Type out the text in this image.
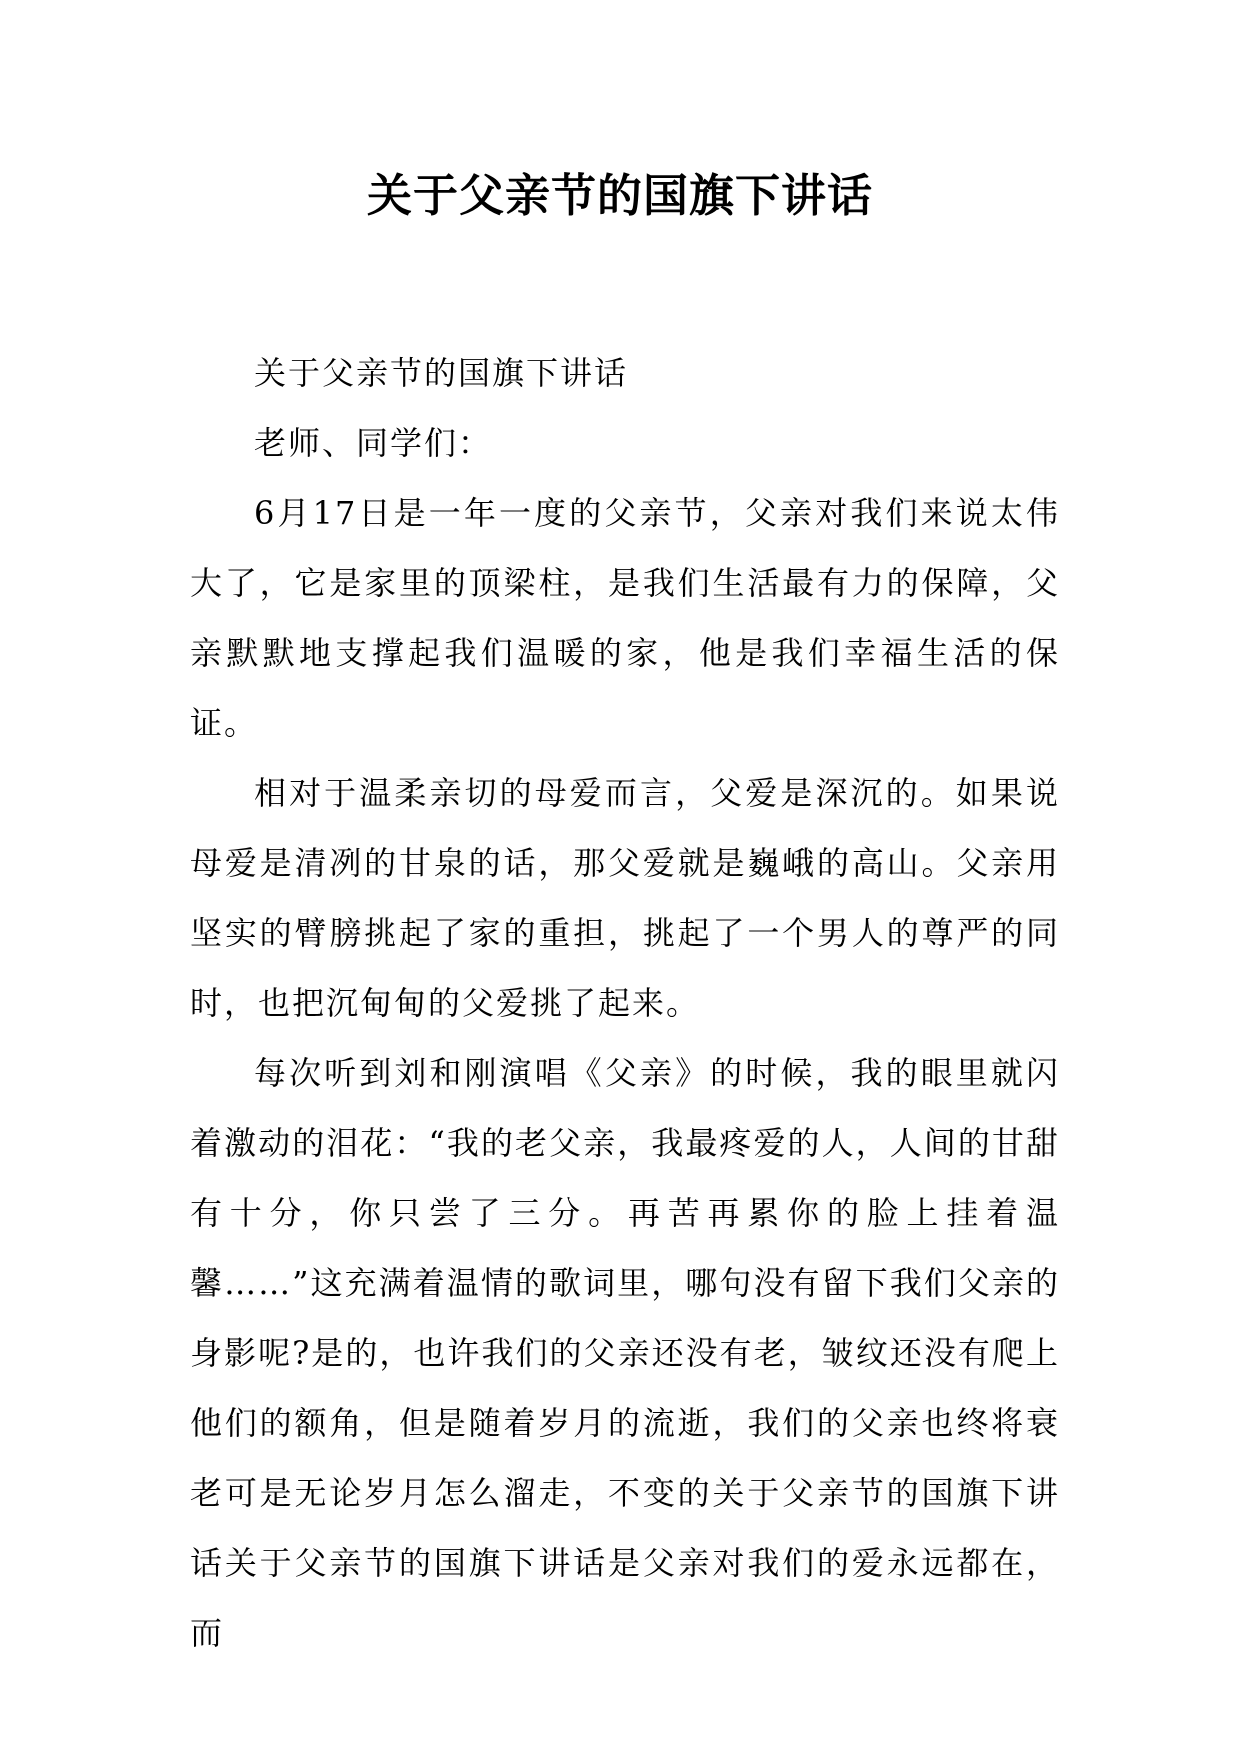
关于父亲节的国旗下讲话

关于父亲节的国旗下讲话

老师、同学们：

6月17日是一年一度的父亲节，父亲对我们来说太伟大了，它是家里的顶梁柱，是我们生活最有力的保障，父亲默默地支撑起我们温暖的家，他是我们幸福生活的保证。

相对于温柔亲切的母爱而言，父爱是深沉的。如果说母爱是清冽的甘泉的话，那父爱就是巍峨的高山。父亲用坚实的臂膀挑起了家的重担，挑起了一个男人的尊严的同时，也把沉甸甸的父爱挑了起来。

每次听到刘和刚演唱《父亲》的时候，我的眼里就闪着激动的泪花：“我的老父亲，我最疼爱的人，人间的甘甜有十分，你只尝了三分。再苦再累你的脸上挂着温馨……”这充满着温情的歌词里，哪句没有留下我们父亲的身影呢?是的，也许我们的父亲还没有老，皱纹还没有爬上他们的额角，但是随着岁月的流逝，我们的父亲也终将衰老可是无论岁月怎么溜走，不变的关于父亲节的国旗下讲话关于父亲节的国旗下讲话是父亲对我们的爱永远都在，而
